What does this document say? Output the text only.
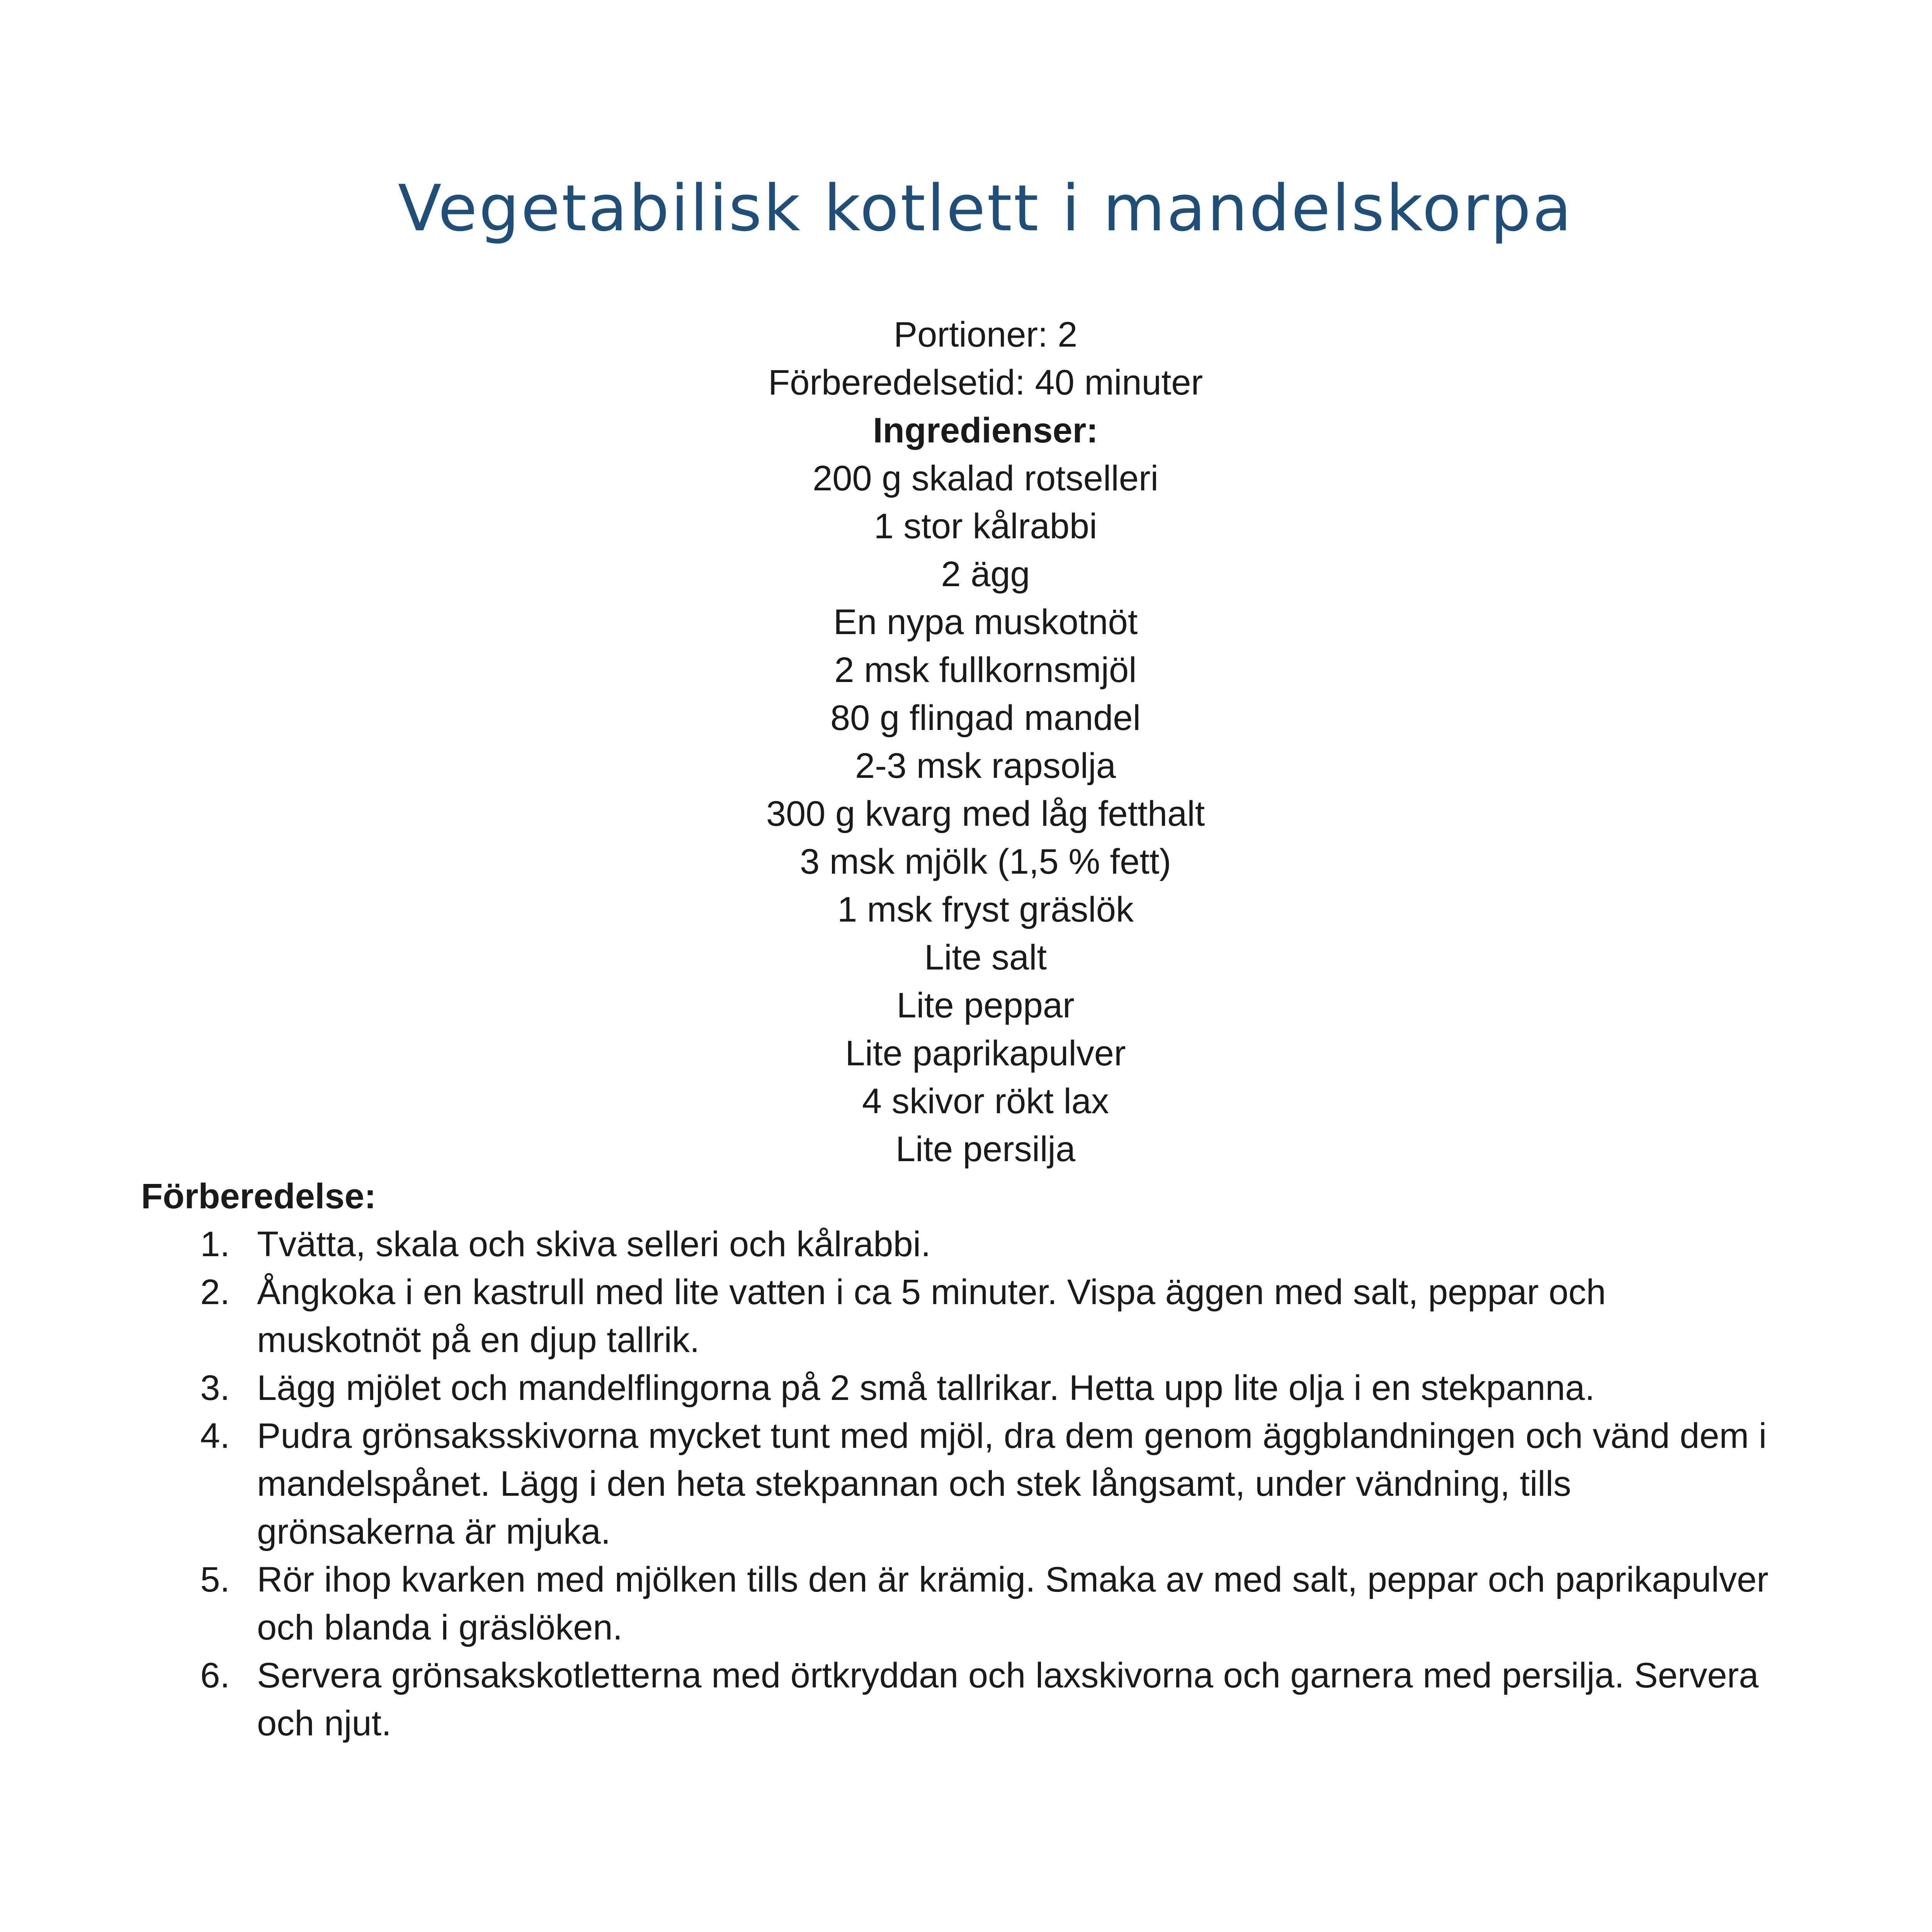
Vegetabilisk kotlett i mandelskorpa
Portioner: 2
Förberedelsetid: 40 minuter
Ingredienser:
200 g skalad rotselleri
1 stor kålrabbi
2 ägg
En nypa muskotnöt
2 msk fullkornsmjöl
80 g flingad mandel
2-3 msk rapsolja
300 g kvarg med låg fetthalt
3 msk mjölk (1,5 % fett)
1 msk fryst gräslök
Lite salt
Lite peppar
Lite paprikapulver
4 skivor rökt lax
Lite persilja
Förberedelse:
1. Tvätta, skala och skiva selleri och kålrabbi.
2. Ångkoka i en kastrull med lite vatten i ca 5 minuter. Vispa äggen med salt, peppar och muskotnöt på en djup tallrik.
3. Lägg mjölet och mandelflingorna på 2 små tallrikar. Hetta upp lite olja i en stekpanna.
4. Pudra grönsaksskivorna mycket tunt med mjöl, dra dem genom äggblandningen och vänd dem i mandelspånet. Lägg i den heta stekpannan och stek långsamt, under vändning, tills grönsakerna är mjuka.
5. Rör ihop kvarken med mjölken tills den är krämig. Smaka av med salt, peppar och paprikapulver och blanda i gräslöken.
6. Servera grönsakskotletterna med örtkryddan och laxskivorna och garnera med persilja. Servera och njut.
